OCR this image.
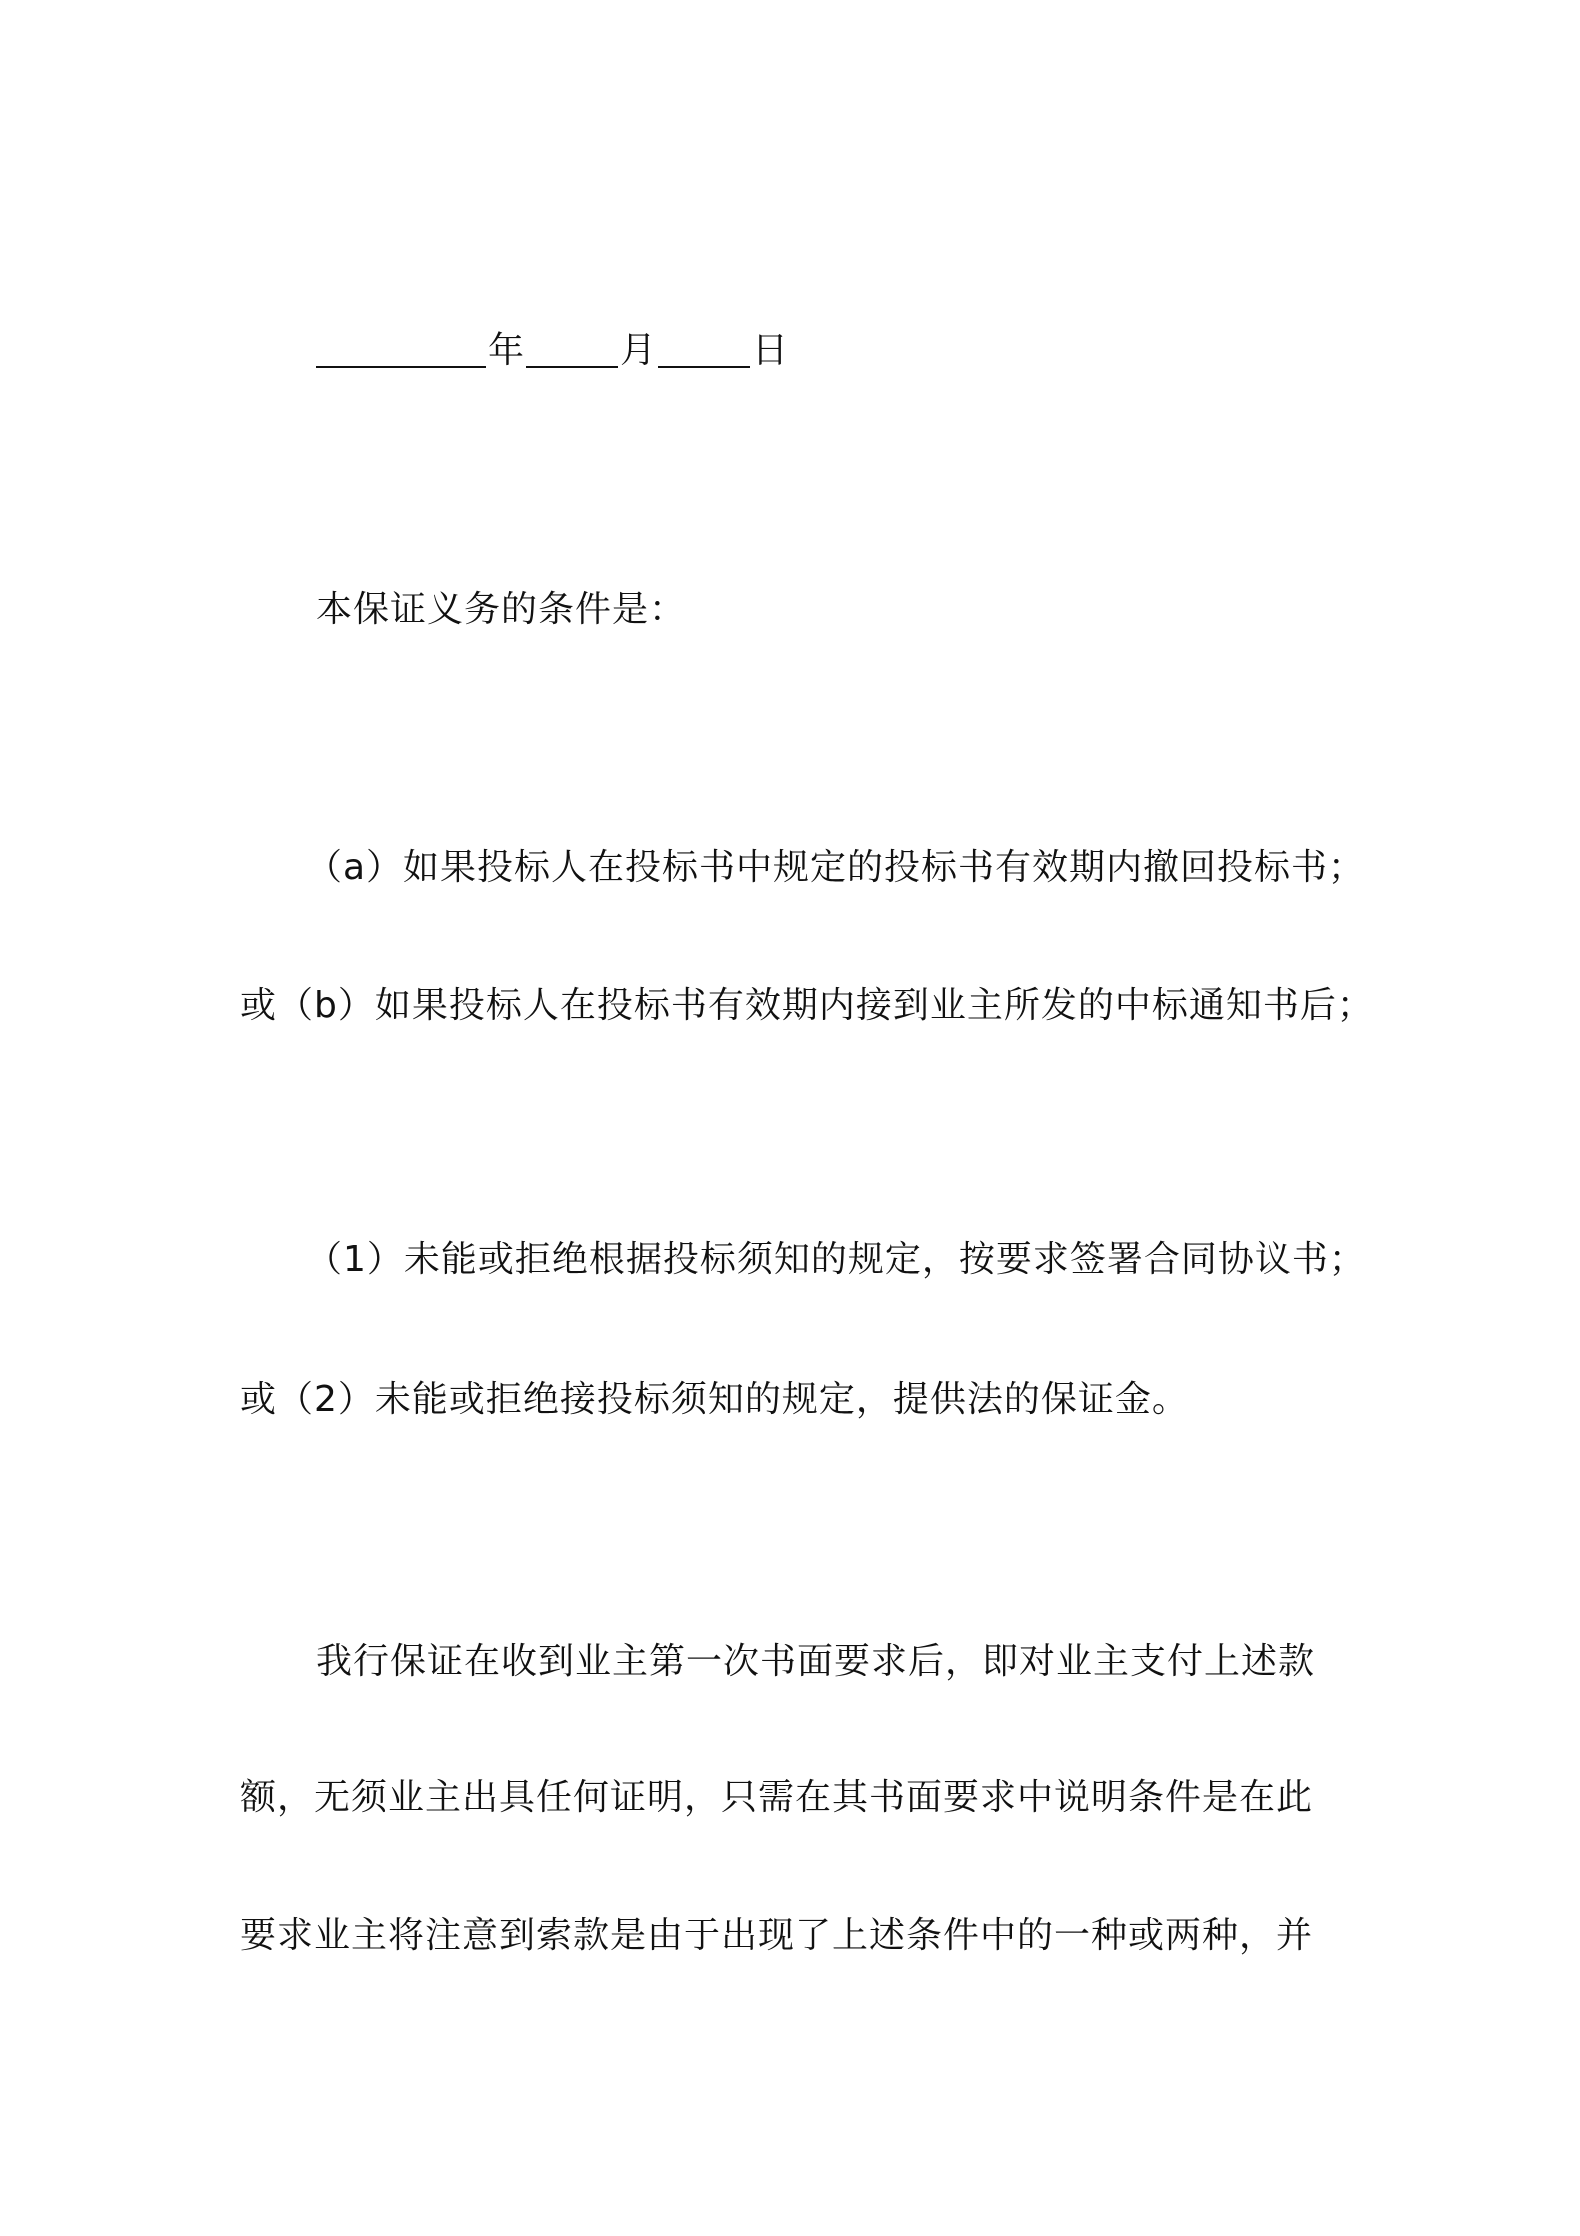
年	月	日
本保证义务的条件是：
（a）如果投标人在投标书中规定的投标书有效期内撤回投标书；
或（b）如果投标人在投标书有效期内接到业主所发的中标通知书后；
（1）未能或拒绝根据投标须知的规定，按要求签署合同协议书；
或（2）未能或拒绝接投标须知的规定，提供法的保证金。
我行保证在收到业主第一次书面要求后，即对业主支付上述款
额，无须业主出具任何证明，只需在其书面要求中说明条件是在此
要求业主将注意到索款是由于出现了上述条件中的一种或两种，并
